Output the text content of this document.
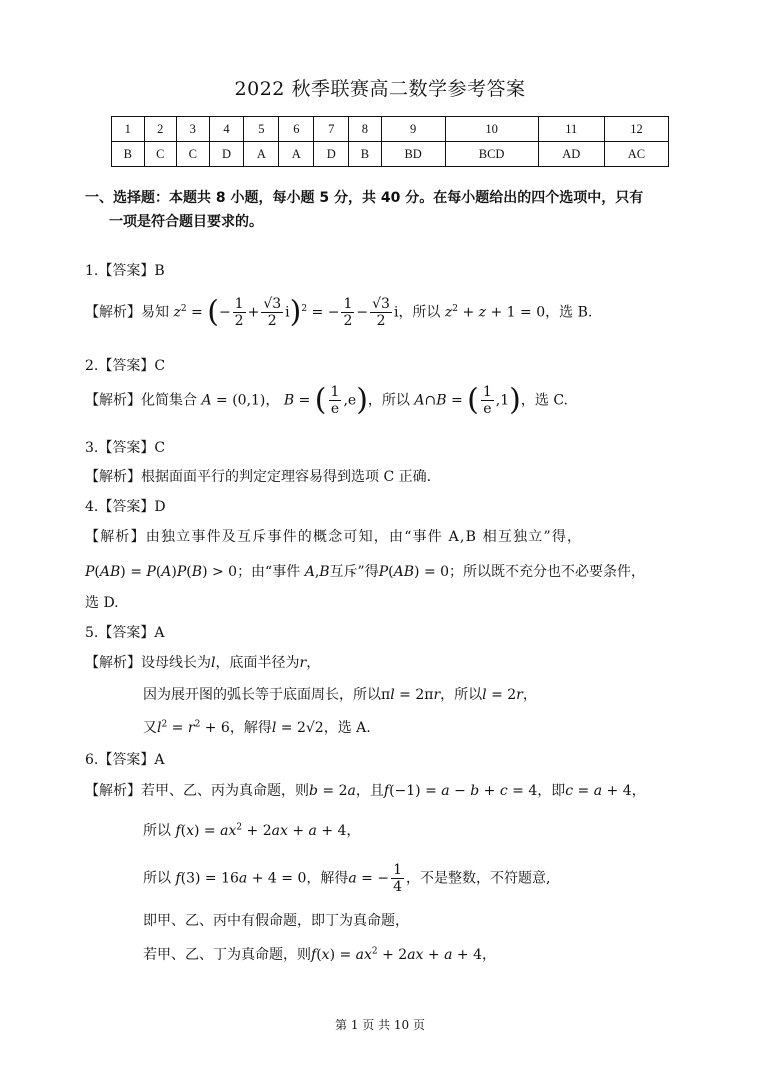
2022 秋季联赛高二数学参考答案
1	2	3	4	5	6	7	8	9	10	11	12
B	C	C	D	A	A	D	B	BD	BCD	AD	AC
一、选择题：本题共 8 小题，每小题 5 分，共 40 分。在每小题给出的四个选项中，只有
一项是符合题目要求的。
1.【答案】B
【解析】易知 $z^2$ = (− $\frac{1}{2} + \frac{√3}{2} i)^2$ = − $\frac{1}{2} - \frac{√3}{2}$ i，所以 $z^2 + z + 1 = 0$，选 B.
2.【答案】C
【解析】化简集合 A = (0,1)， B = ( $\frac{1}{e} ,e$)，所以 A∩B = ( $\frac{1}{e} ,1$)，选 C.
3.【答案】C
【解析】根据面面平行的判定定理容易得到选项 C 正确.
4.【答案】D
【解析】由独立事件及互斥事件的概念可知，由“事件 A,B 相互独立”得，
P(AB) = P(A)P(B) > 0；由“事件 A,B互斥”得P(AB) = 0；所以既不充分也不必要条件，
选 D.
5.【答案】A
【解析】设母线长为l，底面半径为r，
因为展开图的弧长等于底面周长，所以πl = 2πr，所以l = 2r，
又$l^2 = r^2 + 6$，解得l = 2√2，选 A.
6.【答案】A
【解析】若甲、乙、丙为真命题，则b = 2a，且f(−1) = a − b + c = 4，即c = a + 4，
所以 $f(x) = ax^2 + 2ax + a + 4$，
所以 f(3) = 16a + 4 = 0，解得a = − $\frac{1}{4}$ ，不是整数，不符题意,
即甲、乙、丙中有假命题，即丁为真命题，
若甲、乙、丁为真命题，则$f(x) = ax^2 + 2ax + a + 4$，
第 1 页 共 10 页
